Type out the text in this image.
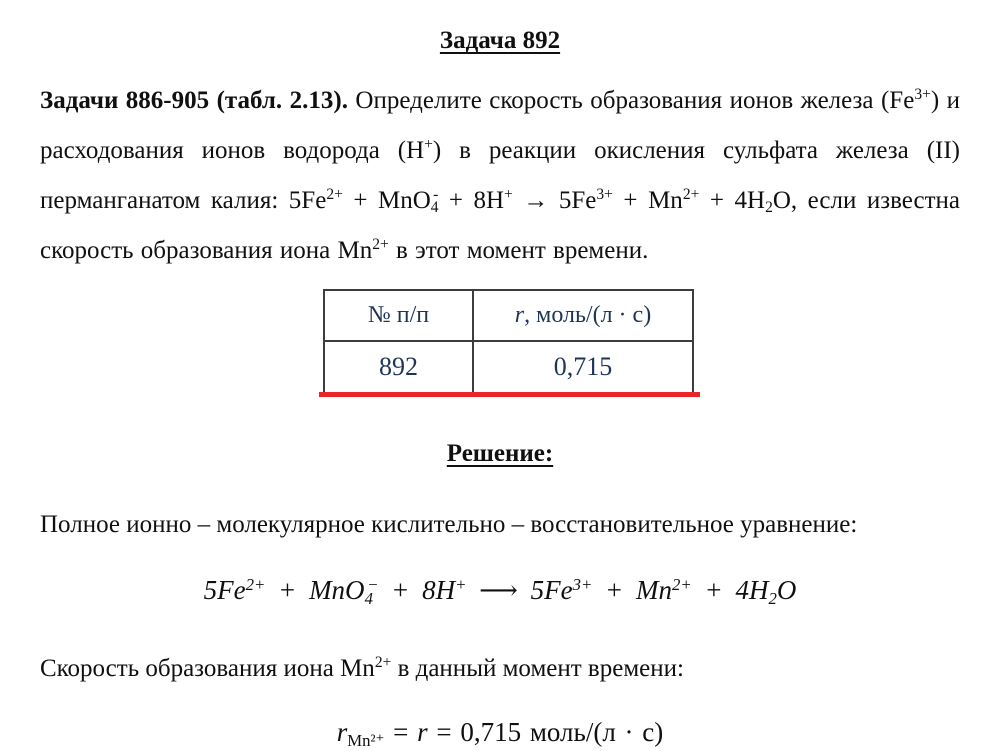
Задача 892

Задачи 886-905 (табл. 2.13). Определите скорость образования ионов железа $(Fe^{3+})$ и расходования ионов водорода (Н+) в реакции окисления сульфата железа (II) перманганатом калия: $5Fe^{2+} + MnO4^- + 8H^+ \to 5Fe^{3+} + Mn^{2+} + 4H2O$, если известна скорость образования иона $Mn^{2+}$ в этот момент времени.

№ п/п	r, моль/(л · с)
892	0,715
Решение:

Полное ионно – молекулярное кислительно – восстановительное уравнение:

$5Fe^{2+} + MnO4^- + 8H^+$ ⟶ $5Fe^{3+} + Mn^{2+} + 4H2O$

Скорость образования иона $Mn^{2+}$ в данный момент времени:

rMn²⁺ = r = 0,715 моль/(л · с)
